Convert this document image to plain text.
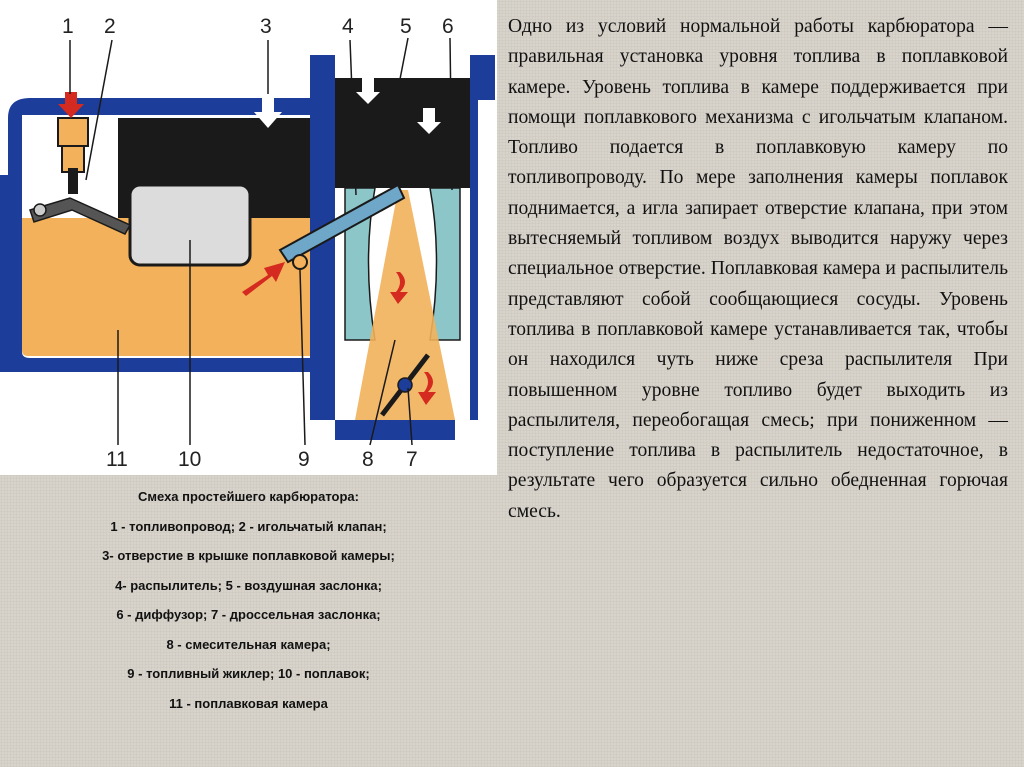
1 2	3	4 5 6
11 10	9 8 7
Смеха простейшего карбюратора:
1 - топливопровод; 2 - игольчатый клапан;
3- отверстие в крышке поплавковой камеры;
4- распылитель; 5 - воздушная заслонка;
6 - диффузор; 7 - дроссельная заслонка;
8 - смесительная камера;
9 - топливный жиклер; 10 - поплавок;
11 - поплавковая камера

Одно из условий нормальной работы карбюратора — правильная установка уровня топлива в поплавковой камере. Уровень топлива в камере поддерживается при помощи поплавкового механизма с игольчатым клапаном. Топливо подается в поплавковую камеру по топливопроводу. По мере заполнения камеры поплавок поднимается, а игла запирает отверстие клапана, при этом вытесняемый топливом воздух выводится наружу через специальное отверстие. Поплавковая камера и распылитель представляют собой сообщающиеся сосуды. Уровень топлива в поплавковой камере устанавливается так, чтобы он находился чуть ниже среза распылителя При повышенном уровне топливо будет выходить из распылителя, переобогащая смесь; при пониженном — поступление топлива в распылитель недостаточное, в результате чего образуется сильно обедненная горючая смесь.
